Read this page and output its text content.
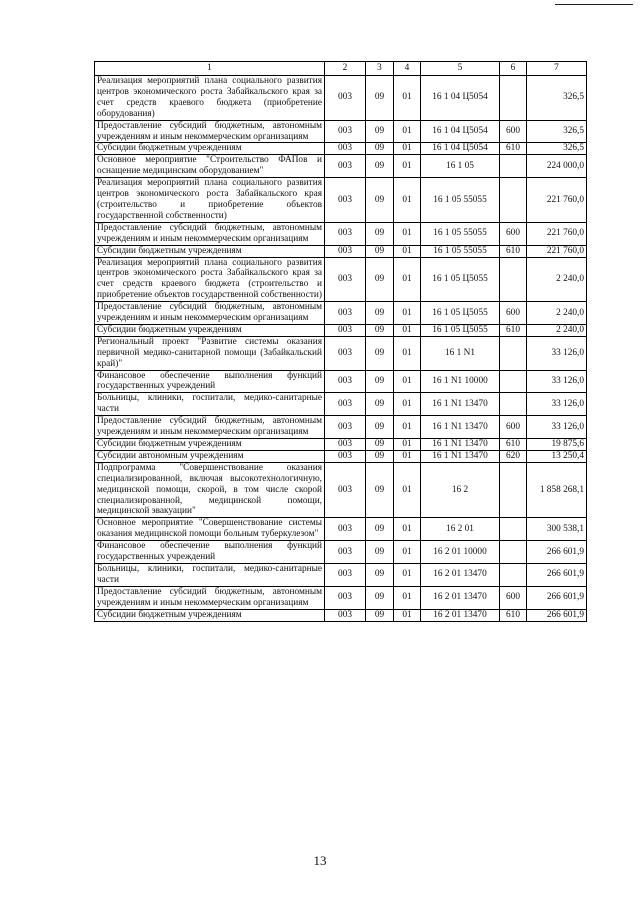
1	2	3	4	5	6	7
Реализация мероприятий плана социального развития центров экономического роста Забайкальского края за счет средств краевого бюджета (приобретение оборудования)	003	09	01	16 1 04 Ц5054		326,5
Предоставление субсидий бюджетным, автономным учреждениям и иным некоммерческим организациям	003	09	01	16 1 04 Ц5054	600	326,5
Субсидии бюджетным учреждениям	003	09	01	16 1 04 Ц5054	610	326,5
Основное мероприятие "Строительство ФАПов и оснащение медицинским оборудованием"	003	09	01	16 1 05		224 000,0
Реализация мероприятий плана социального развития центров экономического роста Забайкальского края (строительство и приобретение объектов государственной собственности)	003	09	01	16 1 05 55055		221 760,0
Предоставление субсидий бюджетным, автономным учреждениям и иным некоммерческим организациям	003	09	01	16 1 05 55055	600	221 760,0
Субсидии бюджетным учреждениям	003	09	01	16 1 05 55055	610	221 760,0
Реализация мероприятий плана социального развития центров экономического роста Забайкальского края за счет средств краевого бюджета (строительство и приобретение объектов государственной собственности)	003	09	01	16 1 05 Ц5055		2 240,0
Предоставление субсидий бюджетным, автономным учреждениям и иным некоммерческим организациям	003	09	01	16 1 05 Ц5055	600	2 240,0
Субсидии бюджетным учреждениям	003	09	01	16 1 05 Ц5055	610	2 240,0
Региональный проект "Развитие системы оказания первичной медико-санитарной помощи (Забайкальский край)"	003	09	01	16 1 N1		33 126,0
Финансовое обеспечение выполнения функций государственных учреждений	003	09	01	16 1 N1 10000		33 126,0
Больницы, клиники, госпитали, медико-санитарные части	003	09	01	16 1 N1 13470		33 126,0
Предоставление субсидий бюджетным, автономным учреждениям и иным некоммерческим организациям	003	09	01	16 1 N1 13470	600	33 126,0
Субсидии бюджетным учреждениям	003	09	01	16 1 N1 13470	610	19 875,6
Субсидии автономным учреждениям	003	09	01	16 1 N1 13470	620	13 250,4
Подпрограмма "Совершенствование оказания специализированной, включая высокотехнологичную, медицинской помощи, скорой, в том числе скорой специализированной, медицинской помощи, медицинской эвакуации"	003	09	01	16 2		1 858 268,1
Основное мероприятие "Совершенствование системы оказания медицинской помощи больным туберкулезом"	003	09	01	16 2 01		300 538,1
Финансовое обеспечение выполнения функций государственных учреждений	003	09	01	16 2 01 10000		266 601,9
Больницы, клиники, госпитали, медико-санитарные части	003	09	01	16 2 01 13470		266 601,9
Предоставление субсидий бюджетным, автономным учреждениям и иным некоммерческим организациям	003	09	01	16 2 01 13470	600	266 601,9
Субсидии бюджетным учреждениям	003	09	01	16 2 01 13470	610	266 601,9
13
